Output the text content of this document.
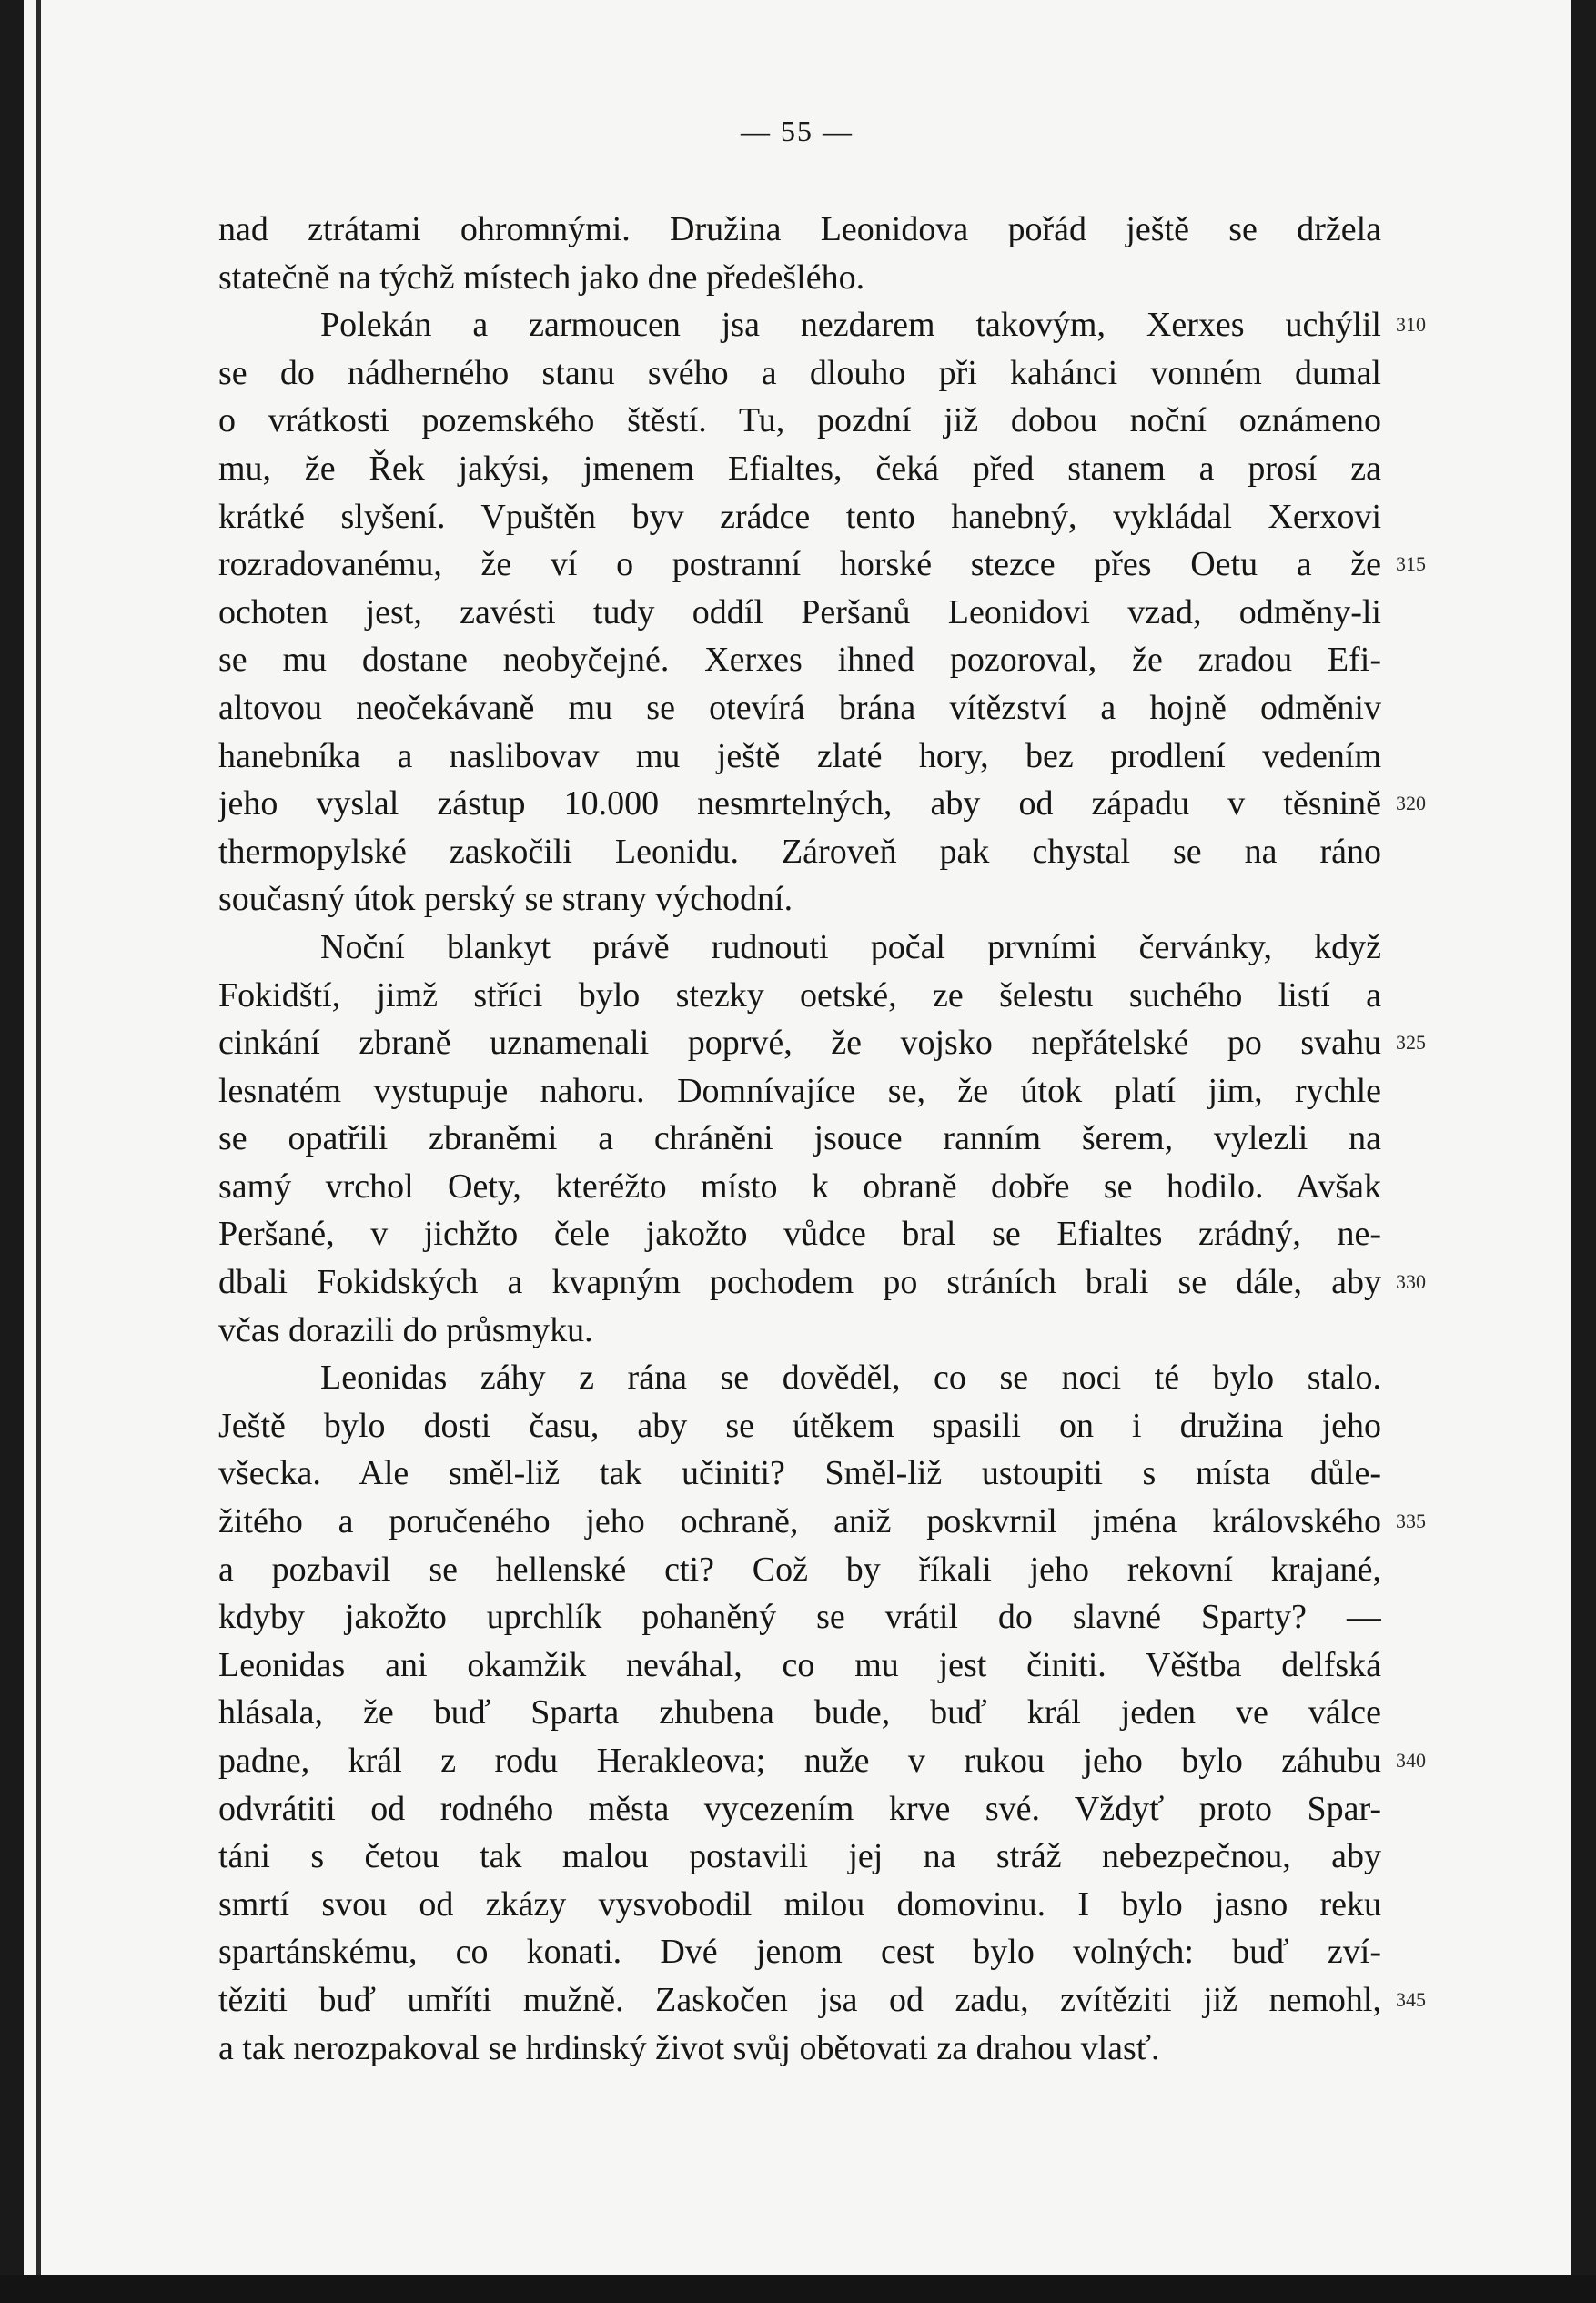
— 55 —
nad ztrátami ohromnými. Družina Leonidova pořád ještě se držela
statečně na týchž místech jako dne předešlého.
Polekán a zarmoucen jsa nezdarem takovým, Xerxes uchýlil
se do nádherného stanu svého a dlouho při kahánci vonném dumal
o vrátkosti pozemského štěstí. Tu, pozdní již dobou noční oznámeno
mu, že Řek jakýsi, jmenem Efialtes, čeká před stanem a prosí za
krátké slyšení. Vpuštěn byv zrádce tento hanebný, vykládal Xerxovi
rozradovanému, že ví o postranní horské stezce přes Oetu a že
ochoten jest, zavésti tudy oddíl Peršanů Leonidovi vzad, odměny-li
se mu dostane neobyčejné. Xerxes ihned pozoroval, že zradou Efi-
altovou neočekávaně mu se otevírá brána vítězství a hojně odměniv
hanebníka a naslibovav mu ještě zlaté hory, bez prodlení vedením
jeho vyslal zástup 10.000 nesmrtelných, aby od západu v těsnině
thermopylské zaskočili Leonidu. Zároveň pak chystal se na ráno
současný útok perský se strany východní.
Noční blankyt právě rudnouti počal prvními červánky, když
Fokidští, jimž stříci bylo stezky oetské, ze šelestu suchého listí a
cinkání zbraně uznamenali poprvé, že vojsko nepřátelské po svahu
lesnatém vystupuje nahoru. Domnívajíce se, že útok platí jim, rychle
se opatřili zbraněmi a chráněni jsouce ranním šerem, vylezli na
samý vrchol Oety, kteréžto místo k obraně dobře se hodilo. Avšak
Peršané, v jichžto čele jakožto vůdce bral se Efialtes zrádný, ne-
dbali Fokidských a kvapným pochodem po stráních brali se dále, aby
včas dorazili do průsmyku.
Leonidas záhy z rána se dověděl, co se noci té bylo stalo.
Ještě bylo dosti času, aby se útěkem spasili on i družina jeho
všecka. Ale směl-liž tak učiniti? Směl-liž ustoupiti s místa důle-
žitého a poručeného jeho ochraně, aniž poskvrnil jména královského
a pozbavil se hellenské cti? Což by říkali jeho rekovní krajané,
kdyby jakožto uprchlík pohaněný se vrátil do slavné Sparty? —
Leonidas ani okamžik neváhal, co mu jest činiti. Věštba delfská
hlásala, že buď Sparta zhubena bude, buď král jeden ve válce
padne, král z rodu Herakleova; nuže v rukou jeho bylo záhubu
odvrátiti od rodného města vycezením krve své. Vždyť proto Spar-
táni s četou tak malou postavili jej na stráž nebezpečnou, aby
smrtí svou od zkázy vysvobodil milou domovinu. I bylo jasno reku
spartánskému, co konati. Dvé jenom cest bylo volných: buď zví-
těziti buď umříti mužně. Zaskočen jsa od zadu, zvítěziti již nemohl,
a tak nerozpakoval se hrdinský život svůj obětovati za drahou vlasť.
310
315
320
325
330
335
340
345
